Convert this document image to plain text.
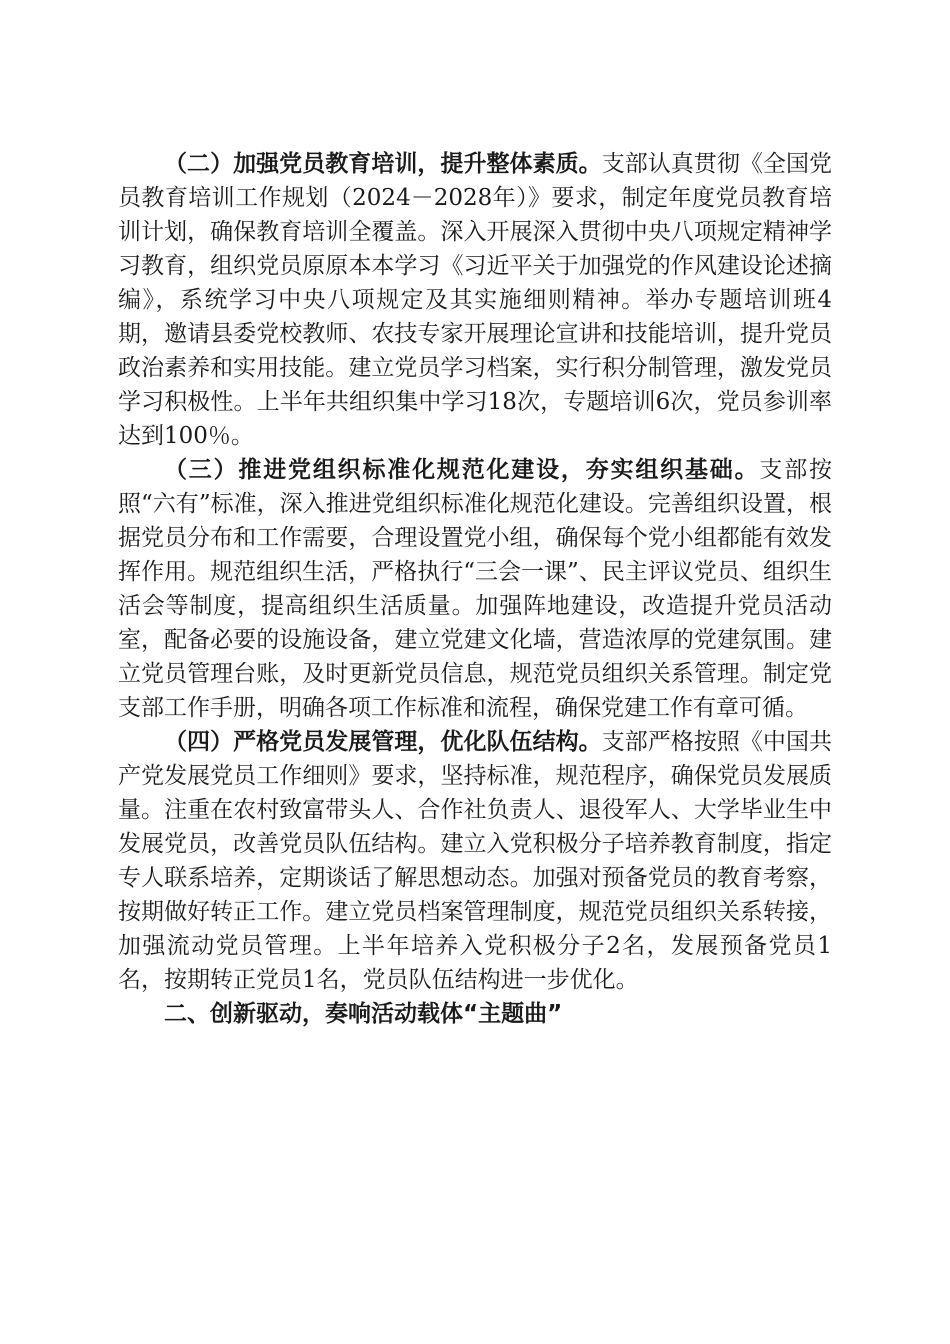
（二）加强党员教育培训，提升整体素质。支部认真贯彻《全国党员教育培训工作规划（2024－2028年）》要求，制定年度党员教育培训计划，确保教育培训全覆盖。深入开展深入贯彻中央八项规定精神学习教育，组织党员原原本本学习《习近平关于加强党的作风建设论述摘编》，系统学习中央八项规定及其实施细则精神。举办专题培训班4期，邀请县委党校教师、农技专家开展理论宣讲和技能培训，提升党员政治素养和实用技能。建立党员学习档案，实行积分制管理，激发党员学习积极性。上半年共组织集中学习18次，专题培训6次，党员参训率达到100％。

（三）推进党组织标准化规范化建设，夯实组织基础。支部按照“六有”标准，深入推进党组织标准化规范化建设。完善组织设置，根据党员分布和工作需要，合理设置党小组，确保每个党小组都能有效发挥作用。规范组织生活，严格执行“三会一课”、民主评议党员、组织生活会等制度，提高组织生活质量。加强阵地建设，改造提升党员活动室，配备必要的设施设备，建立党建文化墙，营造浓厚的党建氛围。建立党员管理台账，及时更新党员信息，规范党员组织关系管理。制定党支部工作手册，明确各项工作标准和流程，确保党建工作有章可循。

（四）严格党员发展管理，优化队伍结构。支部严格按照《中国共产党发展党员工作细则》要求，坚持标准，规范程序，确保党员发展质量。注重在农村致富带头人、合作社负责人、退役军人、大学毕业生中发展党员，改善党员队伍结构。建立入党积极分子培养教育制度，指定专人联系培养，定期谈话了解思想动态。加强对预备党员的教育考察，按期做好转正工作。建立党员档案管理制度，规范党员组织关系转接，加强流动党员管理。上半年培养入党积极分子2名，发展预备党员1名，按期转正党员1名，党员队伍结构进一步优化。

二、创新驱动，奏响活动载体“主题曲”
